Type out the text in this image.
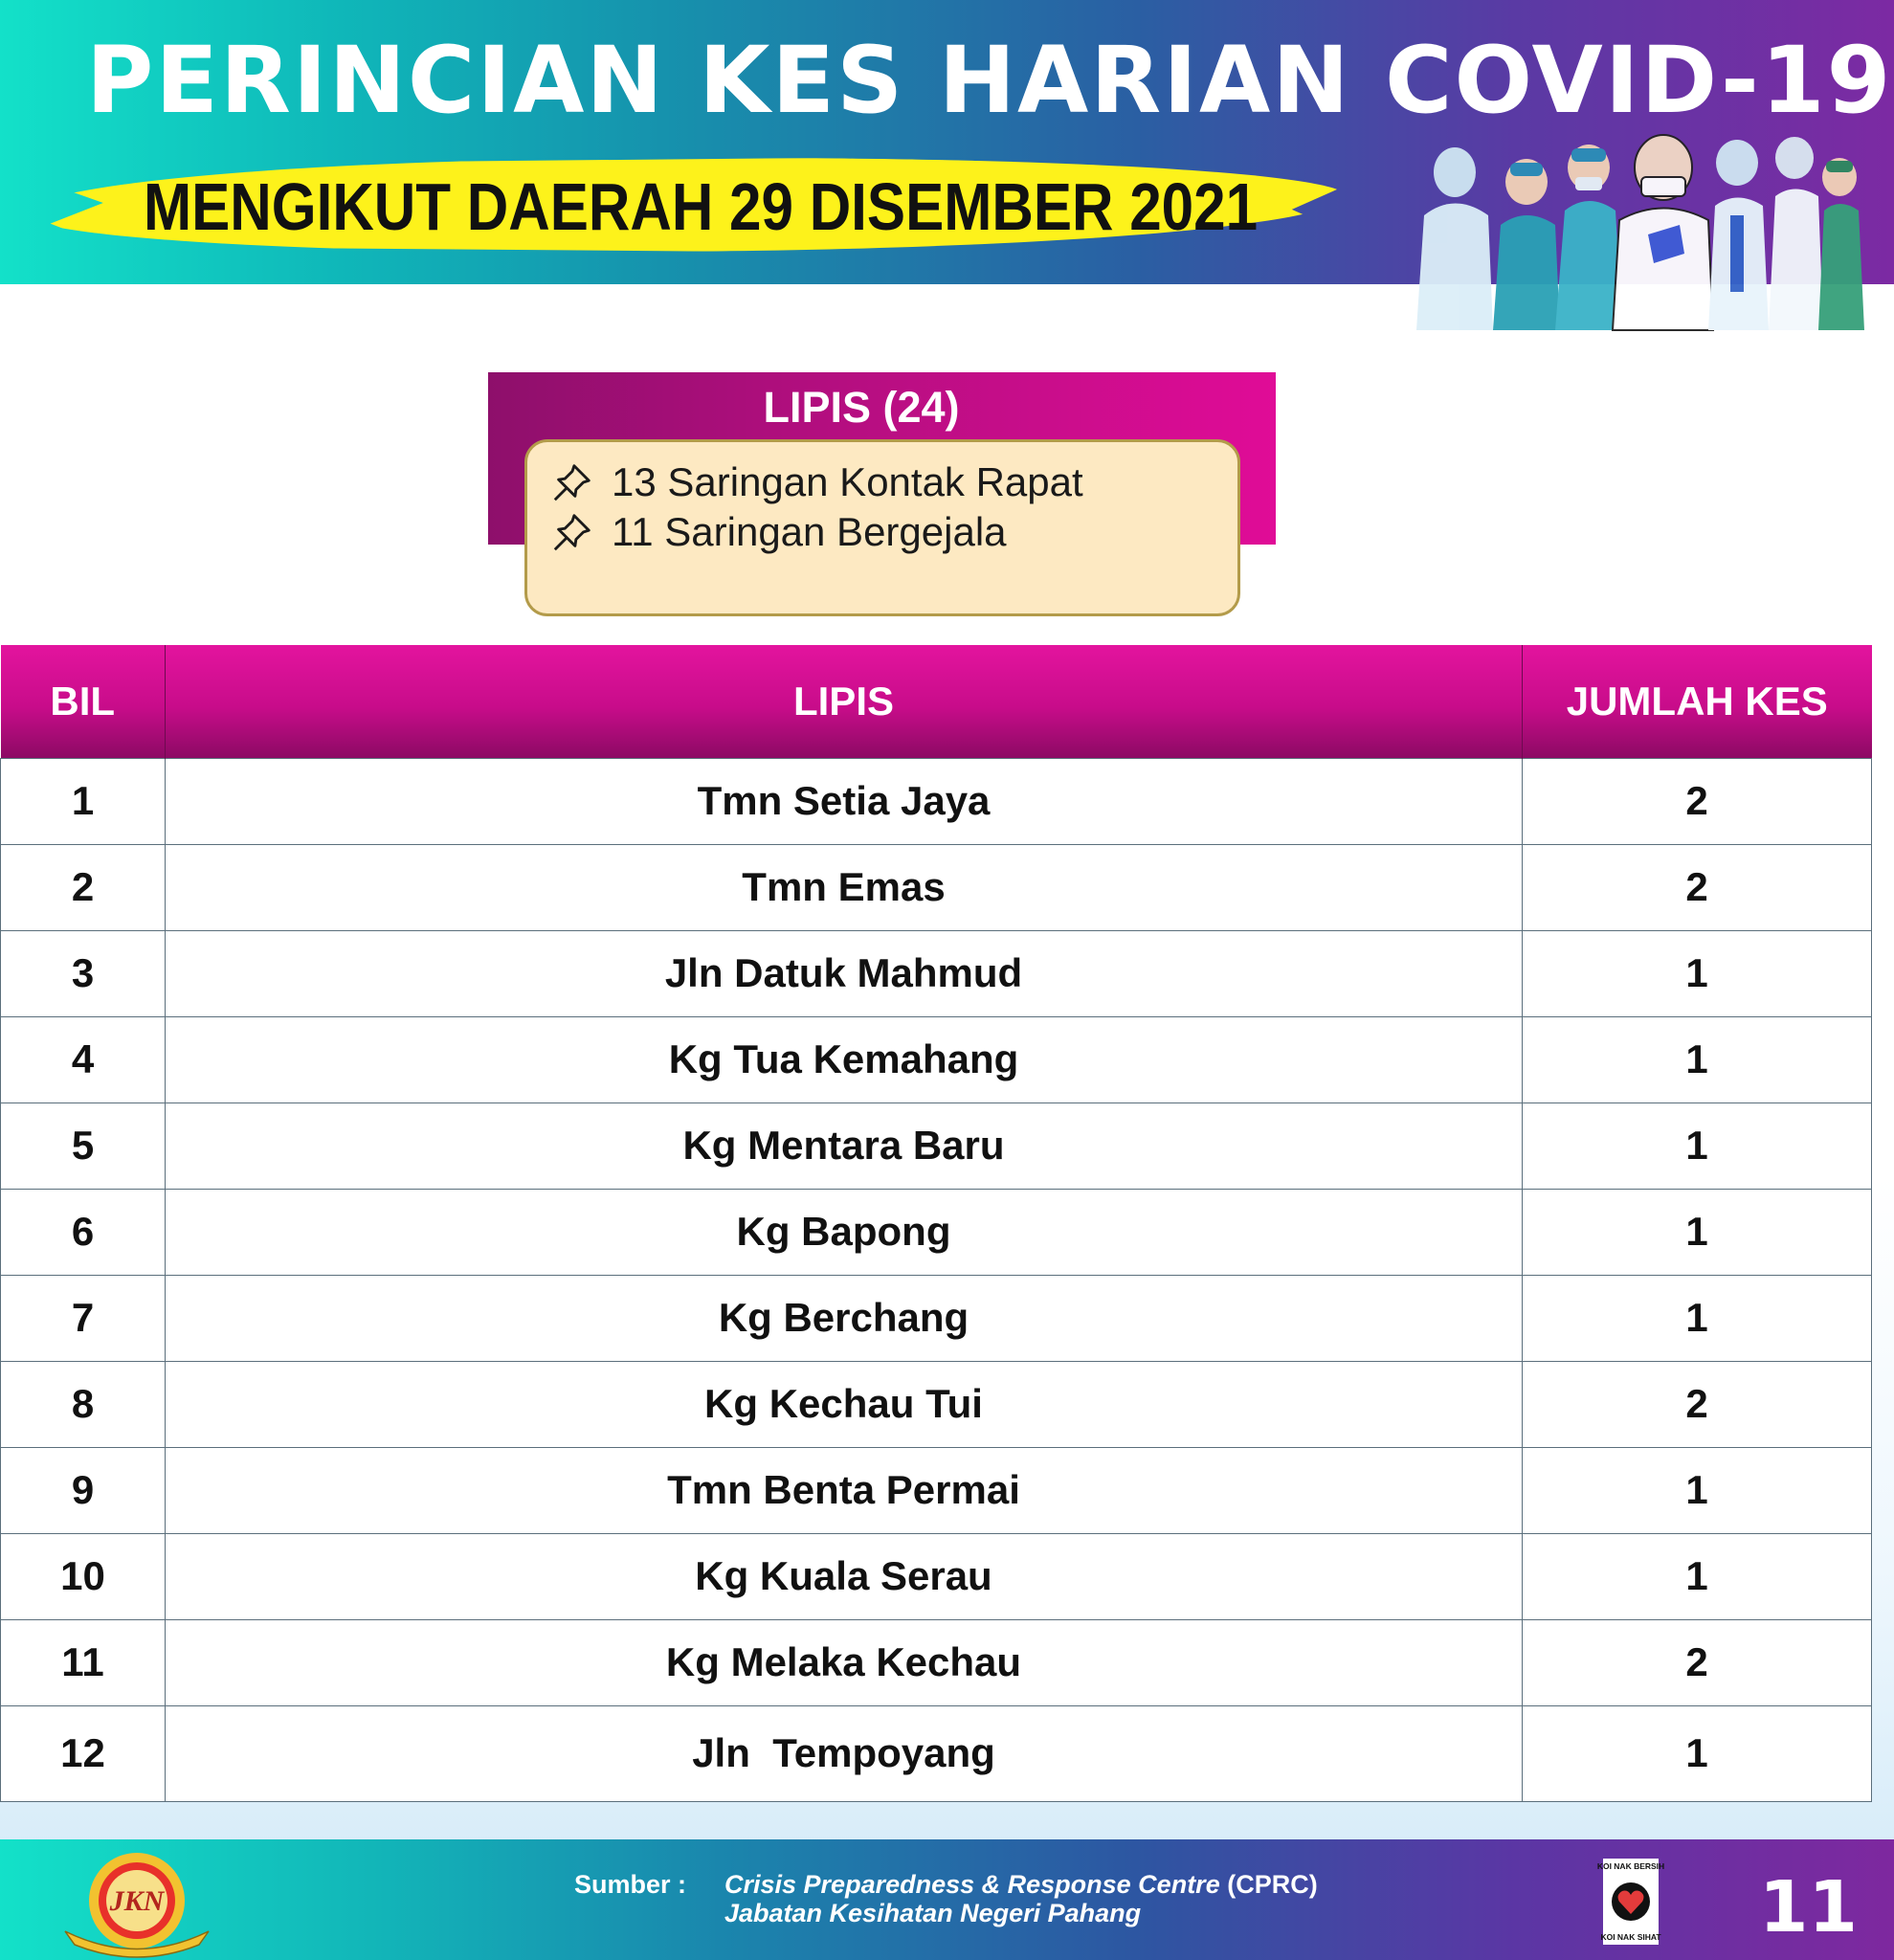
PERINCIAN KES HARIAN COVID-19
MENGIKUT DAERAH 29 DISEMBER 2021
LIPIS (24)
13 Saringan Kontak Rapat
11 Saringan Bergejala
BIL	LIPIS	JUMLAH KES
1	Tmn Setia Jaya	2
2	Tmn Emas	2
3	Jln Datuk Mahmud	1
4	Kg Tua Kemahang	1
5	Kg Mentara Baru	1
6	Kg Bapong	1
7	Kg Berchang	1
8	Kg Kechau Tui	2
9	Tmn Benta Permai	1
10	Kg Kuala Serau	1
11	Kg Melaka Kechau	2
12	Jln  Tempoyang	1
JKN
Sumber : Crisis Preparedness & Response Centre (CPRC)
Jabatan Kesihatan Negeri Pahang
KOI NAK BERSIH
KOI NAK SIHAT 11
